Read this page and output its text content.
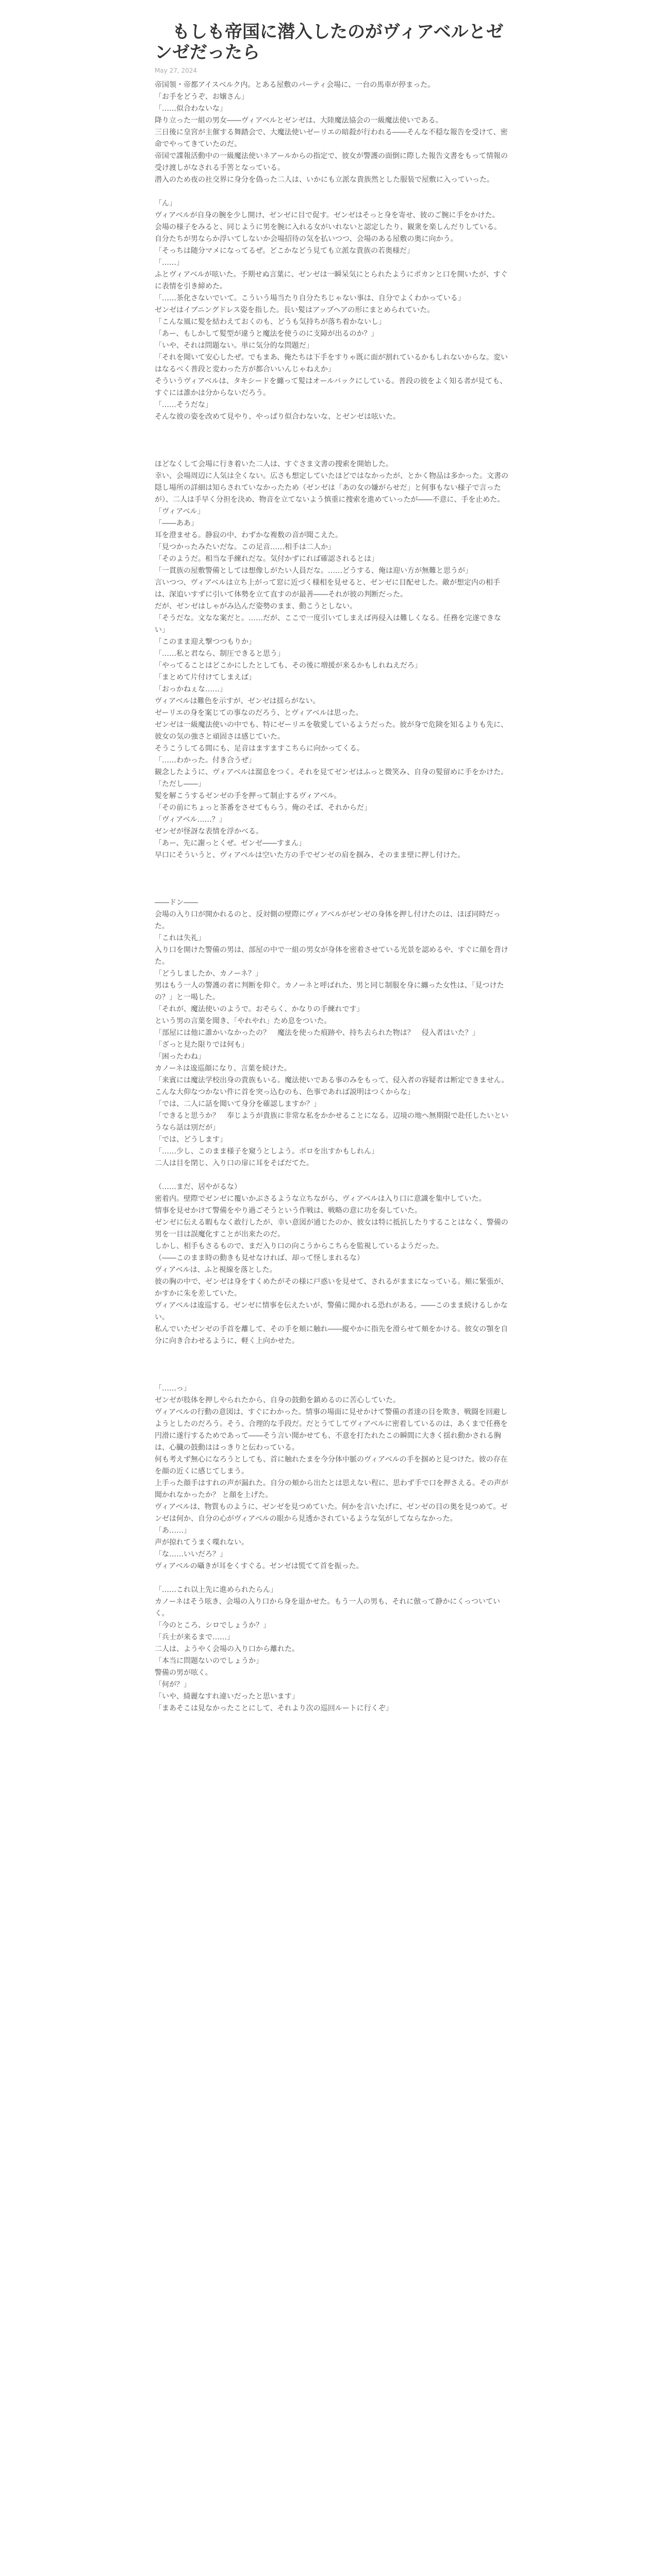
もしも帝国に潜入したのがヴィアベルとゼンゼだったら
May 27, 2024

帝国領・帝都アイスベルク内。とある屋敷のパーティ会場に、一台の馬車が停まった。

「お手をどうぞ、お嬢さん」

「……似合わないな」

降り立った一組の男女――ヴィアベルとゼンゼは、大陸魔法協会の一級魔法使いである。

三日後に皇宮が主催する舞踏会で、大魔法使いゼーリエの暗殺が行われる――そんな不穏な報告を受けて、密命でやってきていたのだ。

帝国で諜報活動中の一級魔法使いネアールからの指定で、彼女が警護の面倒に際した報告文書をもって情報の受け渡しがなされる手筈となっている。

潜入のため夜の社交界に身分を偽った二人は、いかにも立派な貴族然とした服装で屋敷に入っていった。

「ん」

ヴィアベルが自身の腕を少し開け、ゼンゼに目で促す。ゼンゼはそっと身を寄せ、彼のご腕に手をかけた。

会場の様子をみると、同じように男を腕に入れる女がいれないと認定したり、観衆を楽しんだりしている。

自分たちが男ならか浮いてしないか会場招待の気を払いつつ、会場のある屋敷の奥に向かう。

「そっちは随分マメになってるぜ。どこかなどう見ても立派な貴族の若奥様だ」

「……」

ふとヴィアベルが呟いた。予期せぬ言葉に、ゼンゼは一瞬呆気にとられたようにポカンと口を開いたが、すぐに表情を引き締めた。

「……茶化さないでいて。こういう場当たり自分たちじゃない事は、自分でよくわかっている」

ゼンゼはイブニングドレス姿を指した。長い髪はアップヘアの形にまとめられていた。

「こんな風に髪を結わえておくのも、どうも気持ちが落ち着かないし」

「あー、もしかして髪型が違うと魔法を使うのに支障が出るのか？」

「いや、それは問題ない。単に気分的な問題だ」

「それを聞いて安心したぜ。でもまあ、俺たちは下手をすりゃ既に面が割れているかもしれないからな。変いはなるべく普段と変わった方が都合いいんじゃねえか」

そういうヴィアベルは、タキシードを纏って髪はオールバックにしている。普段の彼をよく知る者が見ても、すぐには誰かは分からないだろう。

「……そうだな」

そんな彼の姿を改めて見やり、やっぱり似合わないな、とゼンゼは呟いた。

ほどなくして会場に行き着いた二人は、すぐさま文書の捜索を開始した。

幸い、会場周辺に人気は全くない。広さも想定していたほどではなかったが、とかく物品は多かった。文書の隠し場所の詳細は知らされていなかったため（ゼンゼは「あの女の嫌がらせだ」と何事もない様子で言ったが）、二人は手早く分担を決め、物音を立てないよう慎重に捜索を進めていったが――不意に、手を止めた。

「ヴィアベル」

「――ああ」

耳を澄ませる。静寂の中、わずかな複数の音が聞こえた。

「見つかったみたいだな。この足音……相手は二人か」

「そのようだ。相当な手練れだな。気付かずにれば確認されるとは」

「一貫族の屋敷警備としては想像しがたい人員だな。……どうする、俺は迎い方が無難と思うが」

言いつつ、ヴィアベルは立ち上がって窓に近づく様相を見せると、ゼンゼに目配せした。敵が想定内の相手は、深追いすずに引いて体勢を立て直すのが最善――それが彼の判断だった。

だが、ゼンゼはしゃがみ込んだ姿勢のまま、動こうとしない。

「そうだな。文なな案だと。……だが、ここで一度引いてしまえば再侵入は難しくなる。任務を完遂できない」

「このまま迎え撃つつもりか」

「……私と君なら、制圧できると思う」

「やってることはどこかにしたとしても、その後に増援が来るかもしれねえだろ」

「まとめて片付けてしまえば」

「おっかねぇな……」

ヴィアベルは難色を示すが、ゼンゼは揺らがない。

ゼーリエの身を案じての事なのだろう、とヴィアベルは思った。

ゼンゼは一級魔法使いの中でも、特にゼーリエを敬愛しているようだった。彼が身で危険を知るよりも先に、彼女の気の強さと頑固さは感じていた。

そうこうしてる間にも、足音はますますこちらに向かってくる。

「……わかった。付き合うぜ」

観念したように、ヴィアベルは溜息をつく。それを見てゼンゼはふっと微笑み、自身の髪留めに手をかけた。

「ただし――」

髪を解こうするゼンゼの手を押って制止するヴィアベル。

「その前にちょっと茶番をさせてもらう。俺のそば、それからだ」

「ヴィアベル……？」

ゼンゼが怪訝な表情を浮かべる。

「あー、先に謝っとくぜ。ゼンゼ――すまん」

早口にそういうと、ヴィアベルは空いた方の手でゼンゼの肩を掴み、そのまま壁に押し付けた。

――ドン――

会場の入り口が開かれるのと、反対側の壁際にヴィアベルがゼンゼの身体を押し付けたのは、ほぼ同時だった。

「これは失礼」

入り口を開けた警備の男は、部屋の中で一組の男女が身体を密着させている光景を認めるや、すぐに顔を背けた。

「どうしましたか、カノーネ？」

男はもう一人の警護の者に判断を仰ぐ。カノーネと呼ばれた、男と同じ制服を身に纏った女性は、「見つけたの？」と一喝した。

「それが、魔法使いのようで。おそらく、かなりの手練れです」

という男の言葉を聞き、「やれやれ」ため息をついた。

「部屋には他に誰かいなかったの？　魔法を使った痕跡や、持ち去られた物は？　侵入者はいた？」

「ざっと見た限りでは何も」

「困ったわね」

カノーネは逡巡顔になり、言葉を続けた。

「来賓には魔法学校出身の貴族もいる。魔法使いである事のみをもって、侵入者の容疑者は断定できません。こんな大仰なつかない件に首を突っ込むのも、色事であれば説明はつくからな」

「では、二人に話を聞いて身分を確認しますか？」

「できると思うか？　奉じようが貴族に非常な私をかかせることになる。辺境の地へ無期限で赴任したいというなら話は別だが」

「では、どうします」

「……少し、このまま様子を窺うとしよう。ボロを出すかもしれん」

二人は目を閉じ、入り口の扉に耳をそばだてた。

（……まだ、居やがるな）

密着内。壁際でゼンゼに覆いかぶさるような立ちながら、ヴィアベルは入り口に意識を集中していた。

情事を見せかけて警備をやり過ごそうという作戦は、戦略の意に功を奏していた。

ゼンゼに伝える暇もなく敢行したが、幸い意図が通じたのか、彼女は特に抵抗したりすることはなく、警備の男を一目は誤魔化すことが出来たのだ。

しかし、相手もさるもので、まだ入り口の向こうからこちらを監視しているようだった。

（――このまま時の動きも見せなければ、却って怪しまれるな）

ヴィアベルは、ふと視線を落とした。

彼の胸の中で、ゼンゼは身をすくめたがその様に戸惑いを見せて、されるがままになっている。頬に緊張が、かすかに朱を差していた。

ヴィアベルは逡巡する。ゼンゼに情事を伝えたいが、警備に聞かれる恐れがある。――このまま続けるしかない。

私んでいたゼンゼの手首を離して、その手を頬に触れ――縦やかに指先を滑らせて頬をかける。彼女の顎を自分に向き合わせるように、軽く上向かせた。

「……っ」

ゼンゼが肢体を押しやられたから、自身の鼓動を鎮めるのに苦心していた。

ヴィアベルの行動の意図は、すぐにわかった。情事の場面に見せかけて警備の者達の目を欺き、戦闘を回避しようとしたのだろう。そう、合理的な手段だ。だとうてしてヴィアベルに密着しているのは、あくまで任務を円滑に遂行するためであって――そう言い聞かせても、不意を打たれたこの瞬間に大きく揺れ動かされる胸は、心臓の鼓動ははっきりと伝わっている。

何も考えず無心になろうとしても、首に触れたまを今分体中脈のヴィアベルの手を掴めと見つけた。彼の存在を顔の近くに感じてしまう。

上手った顔手はすれの声が漏れた。自分の頬から出たとは思えない程に、思わず手で口を押さえる。その声が聞かれなかったか？ と顔を上げた。

ヴィアベルは、物質ものように、ゼンゼを見つめていた。何かを言いたげに、ゼンゼの目の奥を見つめて。ゼンゼは何か、自分の心がヴィアベルの眼から見透かされているような気がしてならなかった。

「あ……」

声が掠れてうまく喋れない。

「な……いいだろ？」

ヴィアベルの囁きが耳をくすぐる。ゼンゼは慌てて首を振った。

「……これ以上先に進められたらん」

カノーネはそう呟き、会場の入り口から身を退かせた。もう一人の男も、それに倣って静かにくっついていく。

「今のところ、シロでしょうか？」

「兵士が来るまで……」

二人は、ようやく会場の入り口から離れた。

「本当に問題ないのでしょうか」

警備の男が呟く。

「何が？」

「いや、綺麗なすれ違いだったと思います」

「まあそこは見なかったことにして、それより次の巡回ルートに行くぞ」
